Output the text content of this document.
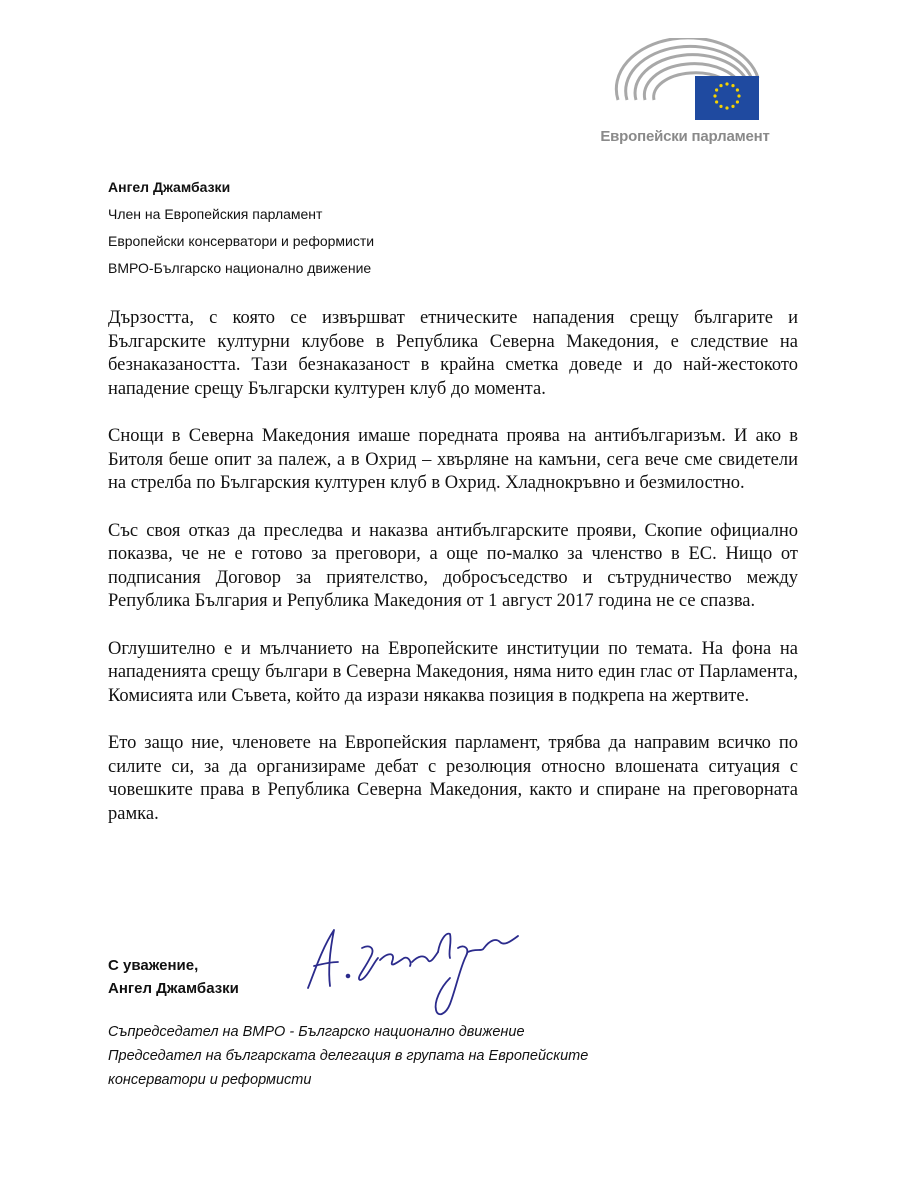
Европейски парламент
Ангел Джамбазки
Член на Европейския парламент
Европейски консерватори и реформисти
ВМРО-Българско национално движение

Дързостта, с която се извършват етническите нападения срещу българите и Българските културни клубове в Република Северна Македония, е следствие на безнаказаността. Тази безнаказаност в крайна сметка доведе и до най-жестокото нападение срещу Български културен клуб до момента.

Снощи в Северна Македония имаше поредната проява на антибългаризъм. И ако в Битоля беше опит за палеж, а в Охрид – хвърляне на камъни, сега вече сме свидетели на стрелба по Българския културен клуб в Охрид. Хладнокръвно и безмилостно.

Със своя отказ да преследва и наказва антибългарските прояви, Скопие официално показва, че не е готово за преговори, а още по-малко за членство в ЕС. Нищо от подписания Договор за приятелство, добросъседство и сътрудничество между Република България и Република Македония от 1 август 2017 година не се спазва.

Оглушително е и мълчанието на Европейските институции по темата. На фона на нападенията срещу българи в Северна Македония, няма нито един глас от Парламента, Комисията или Съвета, който да изрази някаква позиция в подкрепа на жертвите.

Ето защо ние, членовете на Европейския парламент, трябва да направим всичко по силите си, за да организираме дебат с резолюция относно влошената ситуация с човешките права в Република Северна Македония, както и спиране на преговорната рамка.

С уважение,
Ангел Джамбазки
Съпредседател на ВМРО - Българско национално движение
Председател на българската делегация в групата на Европейските
консерватори и реформисти
